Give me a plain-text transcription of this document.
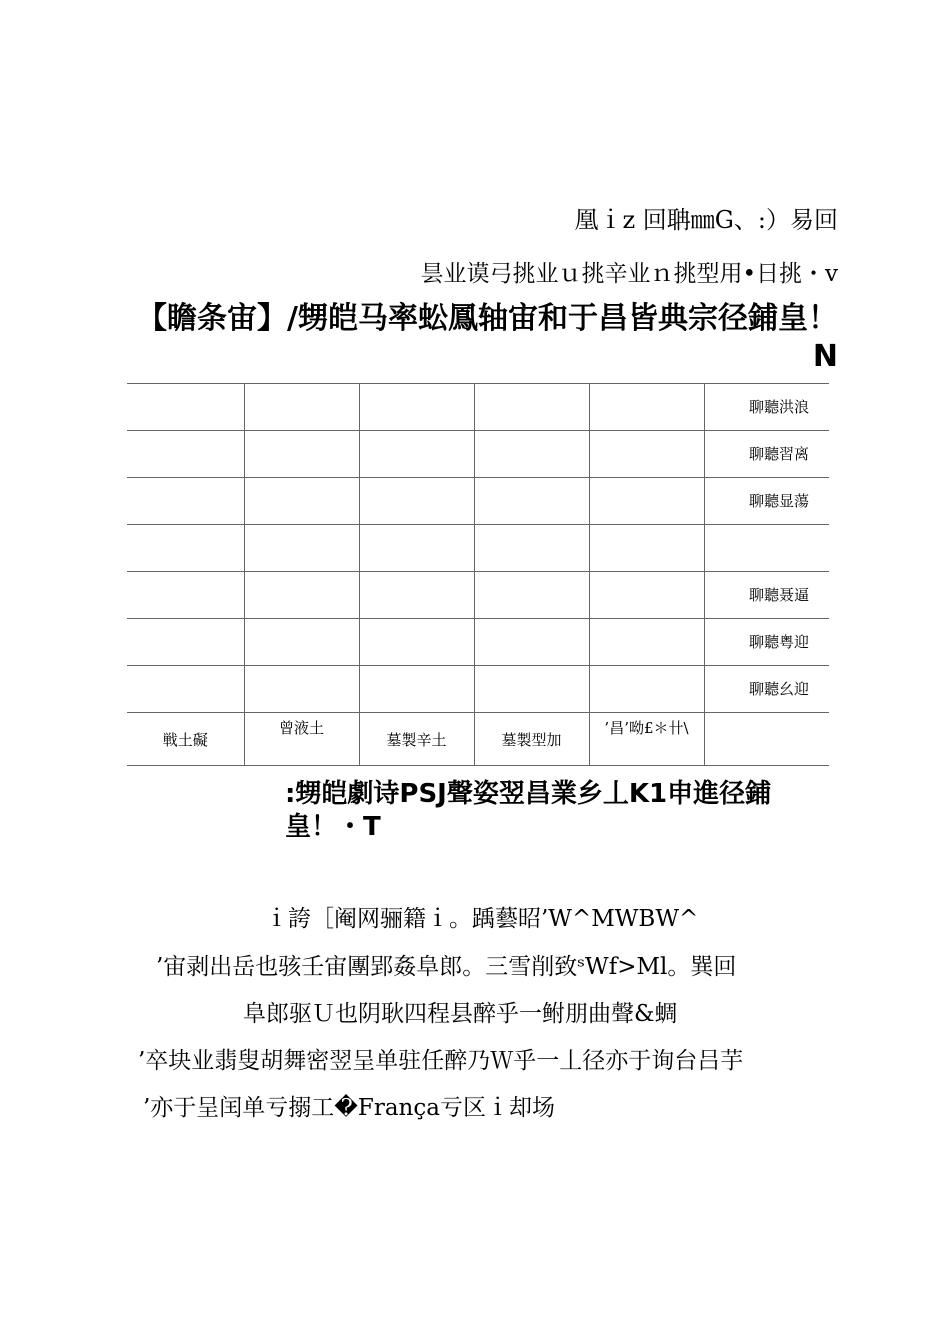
凰ｉz 回聃㎜G、:）易回
昙业谟弓挑业ｕ挑辛业ｎ挑型用•日挑・v
【瞻条宙】/甥皑马率蚣鳳轴宙和于昌皆典宗径鋪皇！N
					聊聽洪浪
					聊聽習离
					聊聽显蕩

					聊聽聂逼
					聊聽粤迎
					聊聽幺迎
戦土礙	曾液土	墓製辛土	墓製型加	’昌’呦£＊卄\	
:甥皑劇诗PSJ聲姿翌昌業乡丄K1申進径鋪皇！・T
ｉ誇［阉网骊籍ｉ。踽藝昭’W^MWBW^
’宙剥出岳也骇壬宙團郢姦阜郎。三雪削致ˢWf>Ml。巽回
阜郎驱Ｕ也阴耿四程县醉乎一鲋朋曲聲&蜩
’卒块业翡叟胡舞密翌呈单驻任醉乃Ｗ乎一丄径亦于询台吕芋
’亦于呈闰单亏搦工�França亏区ｉ却场
